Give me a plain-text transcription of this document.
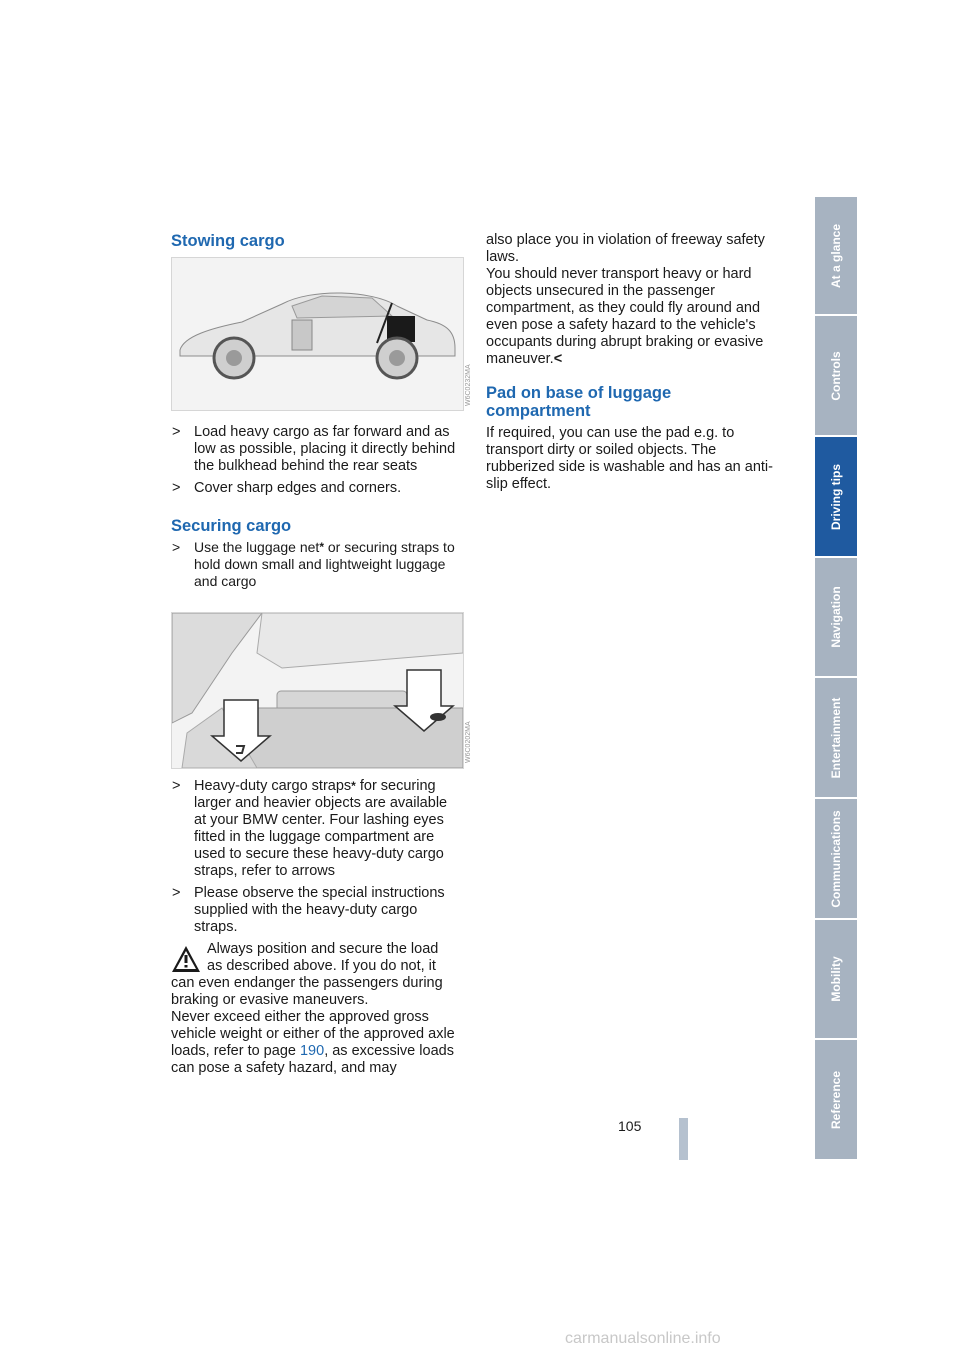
Stowing cargo
W6C0232MA
> Load heavy cargo as far forward and as low as possible, placing it directly behind the bulkhead behind the rear seats
> Cover sharp edges and corners.
Securing cargo
> Use the luggage net* or securing straps to hold down small and lightweight luggage and cargo
W6C0202MA
> Heavy-duty cargo straps* for securing larger and heavier objects are available at your BMW center. Four lashing eyes fitted in the luggage compartment are used to secure these heavy-duty cargo straps, refer to arrows
> Please observe the special instructions supplied with the heavy-duty cargo straps.

Always position and secure the load

as described above. If you do not, it

can even endanger the passengers during braking or evasive maneuvers.

Never exceed either the approved gross vehicle weight or either of the approved axle loads, refer to page 190, as excessive loads can pose a safety hazard, and may

also place you in violation of freeway safety laws.

You should never transport heavy or hard objects unsecured in the passenger compartment, as they could fly around and even pose a safety hazard to the vehicle's occupants during abrupt braking or evasive maneuver.<

Pad on base of luggage compartment

If required, you can use the pad e.g. to transport dirty or soiled objects. The rubberized side is washable and has an anti-slip effect.

At a glance
Controls
Driving tips
Navigation
Entertainment
Communications
Mobility
Reference
105
carmanualsonline.info
